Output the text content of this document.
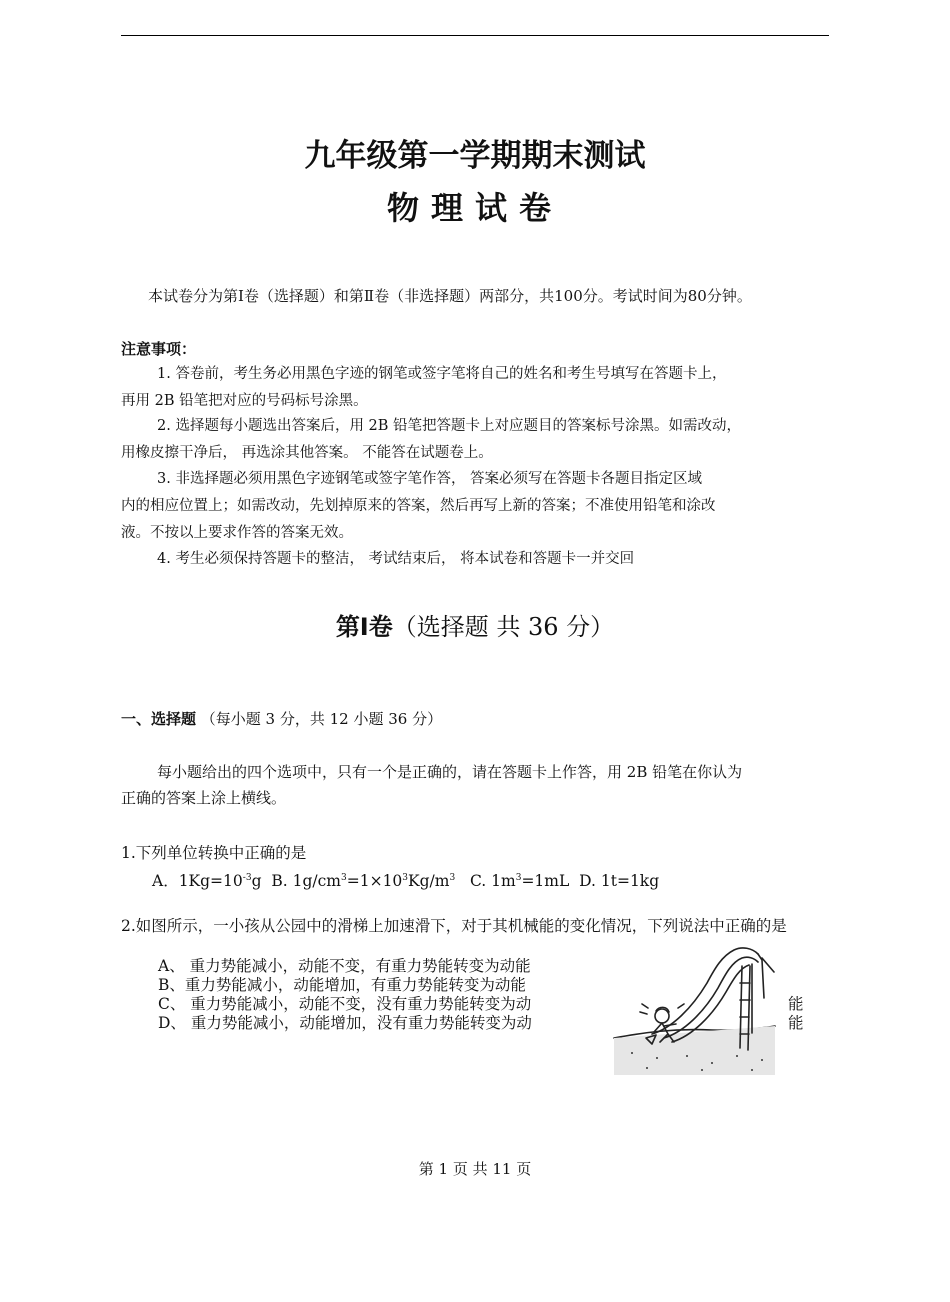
九年级第一学期期末测试
物理试卷
本试卷分为第Ⅰ卷（选择题）和第Ⅱ卷（非选择题）两部分，共100分。考试时间为80分钟。
注意事项：
1. 答卷前，考生务必用黑色字迹的钢笔或签字笔将自己的姓名和考生号填写在答题卡上，
再用 2B 铅笔把对应的号码标号涂黑。
2. 选择题每小题选出答案后，用 2B 铅笔把答题卡上对应题目的答案标号涂黑。如需改动，
用橡皮擦干净后， 再选涂其他答案。 不能答在试题卷上。
3. 非选择题必须用黑色字迹钢笔或签字笔作答， 答案必须写在答题卡各题目指定区域
内的相应位置上；如需改动，先划掉原来的答案，然后再写上新的答案；不准使用铅笔和涂改
液。不按以上要求作答的答案无效。
4. 考生必须保持答题卡的整洁， 考试结束后， 将本试卷和答题卡一并交回
第Ⅰ卷（选择题 共 36 分）
一、选择题 （每小题 3 分，共 12 小题 36 分）
每小题给出的四个选项中，只有一个是正确的，请在答题卡上作答，用 2B 铅笔在你认为
正确的答案上涂上横线。
1.下列单位转换中正确的是
A．$1Kg=10^{-3}g$ B. $1g/cm^3=1\times 10^3Kg/m^3$ C. $1m^3=1mL$ D. 1t=1kg
2.如图所示，一小孩从公园中的滑梯上加速滑下，对于其机械能的变化情况，下列说法中正确的是
A、 重力势能减小，动能不变，有重力势能转变为动能
B、重力势能减小，动能增加，有重力势能转变为动能
C、 重力势能减小，动能不变，没有重力势能转变为动	能
D、 重力势能减小，动能增加，没有重力势能转变为动	能
第 1 页 共 11 页
